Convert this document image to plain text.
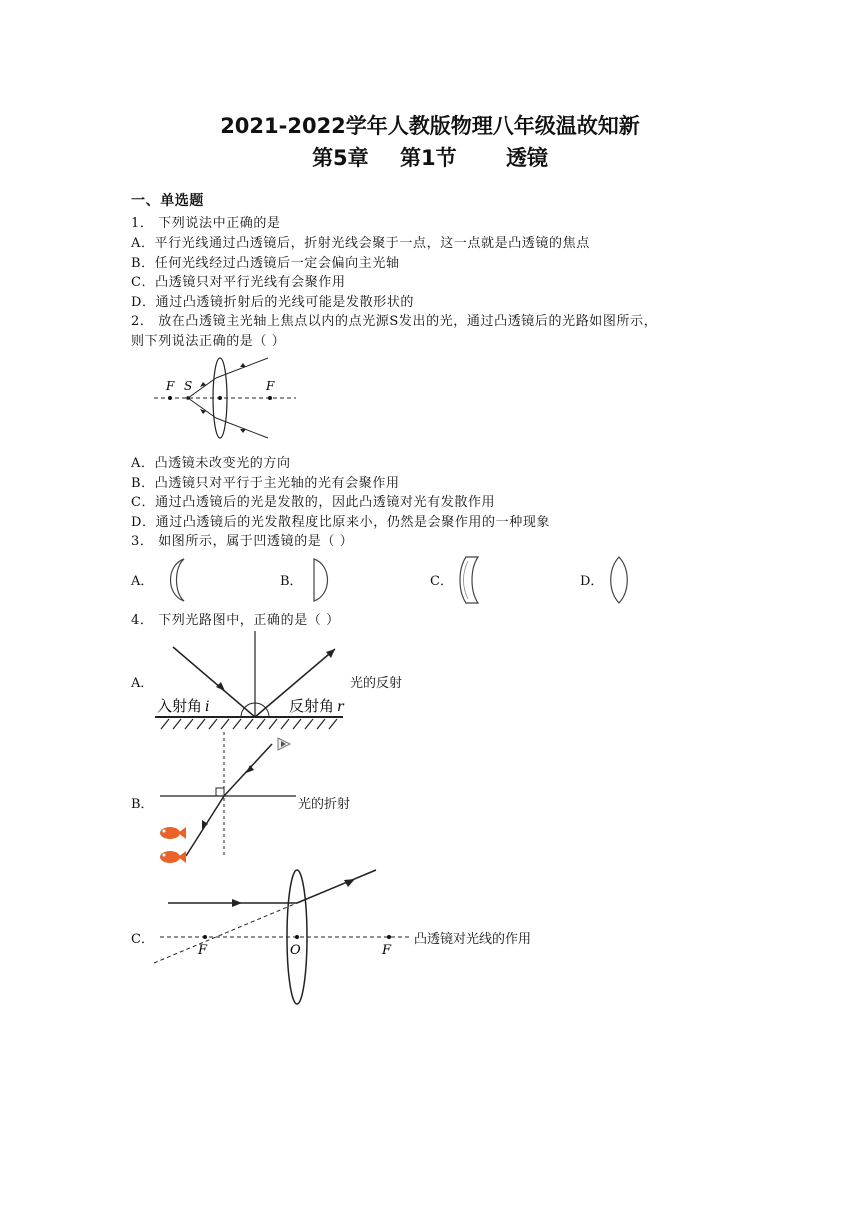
2021-2022学年人教版物理八年级温故知新
第5章 第1节 透镜
一、单选题
1． 下列说法中正确的是
A．平行光线通过凸透镜后，折射光线会聚于一点，这一点就是凸透镜的焦点
B．任何光线经过凸透镜后一定会偏向主光轴
C．凸透镜只对平行光线有会聚作用
D．通过凸透镜折射后的光线可能是发散形状的
2． 放在凸透镜主光轴上焦点以内的点光源S发出的光，通过凸透镜后的光路如图所示，
则下列说法正确的是（ ）
F S	F
A．凸透镜未改变光的方向
B．凸透镜只对平行于主光轴的光有会聚作用
C．通过凸透镜后的光是发散的，因此凸透镜对光有发散作用
D．通过凸透镜后的光发散程度比原来小，仍然是会聚作用的一种现象
3． 如图所示，属于凹透镜的是（ ）
A．	B．	C．	D．
4． 下列光路图中，正确的是（ ）
A．
入射角 i	反射角 r
光的反射
B．	光的折射
C．
F	O	F
凸透镜对光线的作用
